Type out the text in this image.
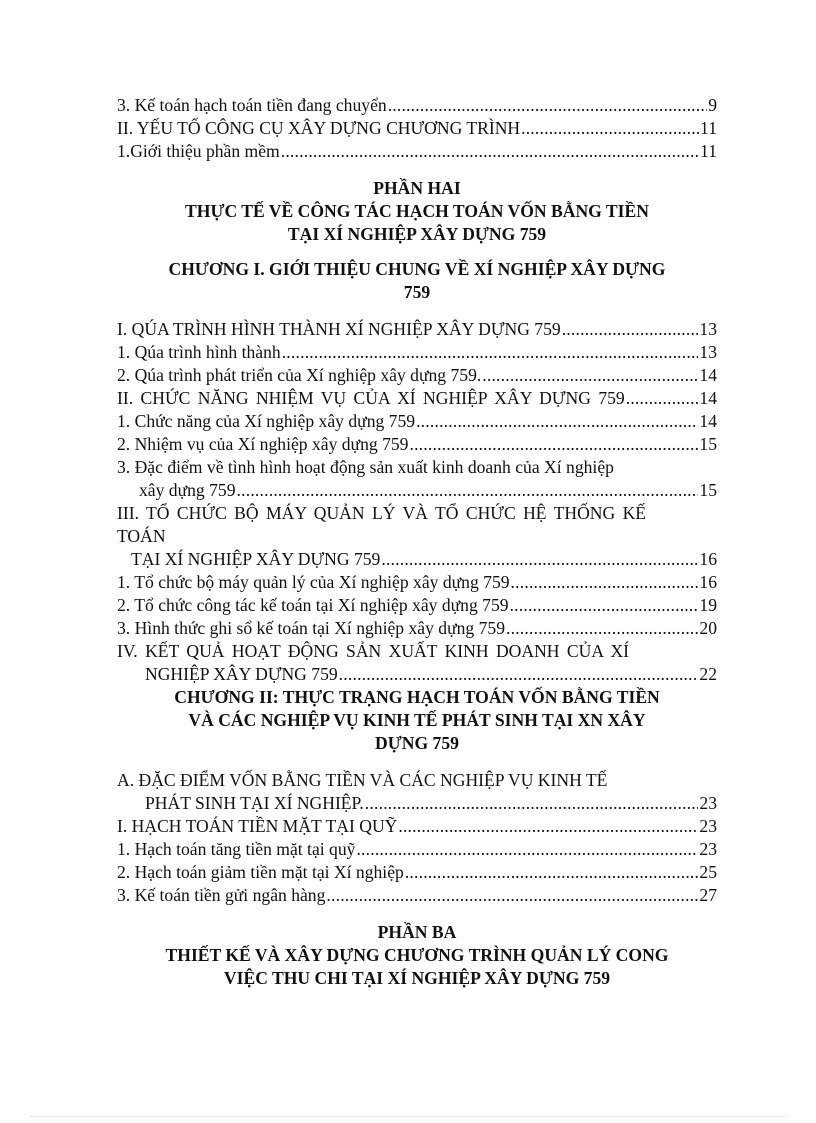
3. Kế toán hạch toán tiền đang chuyển .....	9
II. YẾU TỐ CÔNG CỤ XÂY DỰNG CHƯƠNG TRÌNH .....	11
1.Giới thiệu phần mềm .....	11
PHẦN HAI
THỰC TẾ VỀ CÔNG TÁC HẠCH TOÁN VỐN BẰNG TIỀN
TẠI XÍ NGHIỆP XÂY DỰNG 759
CHƯƠNG I. GIỚI THIỆU CHUNG VỀ XÍ NGHIỆP XÂY DỰNG
759
I. QÚA TRÌNH HÌNH THÀNH XÍ NGHIỆP XÂY DỰNG 759 .....	13
1. Qúa trình hình thành .....	13
2. Qúa trình phát triển của Xí nghiệp xây dựng 759. .....	14
II. CHỨC NĂNG NHIỆM VỤ CỦA XÍ NGHIỆP XÂY DỰNG 759 .....	14
1. Chức năng của Xí nghiệp xây dựng 759 .....	14
2. Nhiệm vụ của Xí nghiệp xây dựng 759 .....	15
3. Đặc điểm về tình hình hoạt động sản xuất kinh doanh của Xí nghiệp
xây dựng 759 .....	15
III. TỔ CHỨC BỘ MÁY QUẢN LÝ VÀ TỔ CHỨC HỆ THỐNG KẾ
TOÁN
TẠI XÍ NGHIỆP XÂY DỰNG 759 .....	16
1. Tổ chức bộ máy quản lý của Xí nghiệp xây dựng 759 .....	16
2. Tổ chức công tác kế toán tại Xí nghiệp xây dựng 759 .....	19
3. Hình thức ghi sổ kế toán tại Xí nghiệp xây dựng 759 .....	20
IV. KẾT QUẢ HOẠT ĐỘNG SẢN XUẤT KINH DOANH CỦA XÍ
NGHIỆP XÂY DỰNG 759 .....	22
CHƯƠNG II: THỰC TRẠNG HẠCH TOÁN VỐN BẰNG TIỀN
VÀ CÁC NGHIỆP VỤ KINH TẾ PHÁT SINH TẠI XN XÂY
DỰNG 759
A. ĐẶC ĐIỂM VỐN BẰNG TIỀN VÀ CÁC NGHIỆP VỤ KINH TẾ
PHÁT SINH TẠI XÍ NGHIỆP. .....	23
I. HẠCH TOÁN TIỀN MẶT TẠI QUỸ .....	23
1. Hạch toán tăng tiền mặt tại quỹ .....	23
2. Hạch toán giảm tiền mặt tại Xí nghiệp .....	25
3. Kế toán tiền gửi ngân hàng .....	27
PHẦN BA
THIẾT KẾ VÀ XÂY DỰNG CHƯƠNG TRÌNH QUẢN LÝ CONG
VIỆC THU CHI TẠI XÍ NGHIỆP XÂY DỰNG 759
